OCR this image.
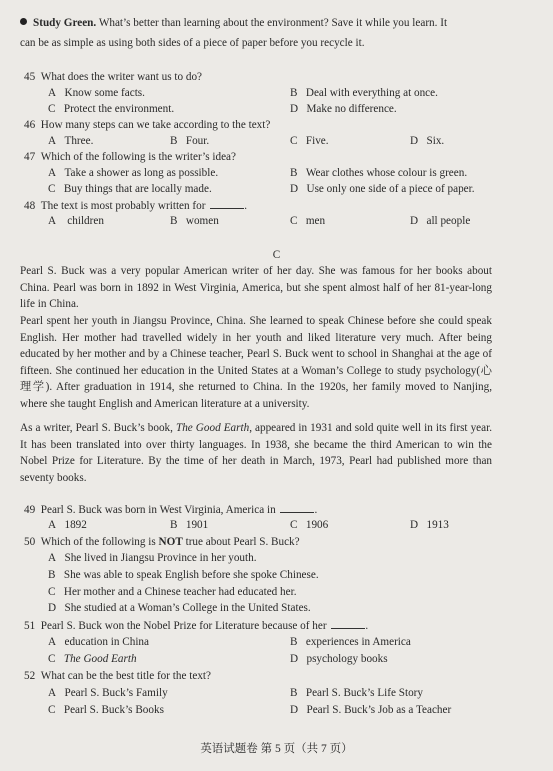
Study Green. What’s better than learning about the environment? Save it while you learn. It
can be as simple as using both sides of a piece of paper before you recycle it.
45 What does the writer want us to do?
A Know some facts.	B Deal with everything at once.
C Protect the environment.	D Make no difference.
46 How many steps can we take according to the text?
A Three.	B Four.	C Five.	D Six.
47 Which of the following is the writer’s idea?
A Take a shower as long as possible.	B Wear clothes whose colour is green.
C Buy things that are locally made.	D Use only one side of a piece of paper.
48 The text is most probably written for	.
A children	B women	C men	D all people
C
Pearl S. Buck was a very popular American writer of her day. She was famous for her books about China. Pearl was born in 1892 in West Virginia, America, but she spent almost half of her 81-year-long life in China.
Pearl spent her youth in Jiangsu Province, China. She learned to speak Chinese before she could speak English. Her mother had travelled widely in her youth and liked literature very much. After being educated by her mother and by a Chinese teacher, Pearl S. Buck went to school in Shanghai at the age of fifteen. She continued her education in the United States at a Woman’s College to study psychology(心理学). After graduation in 1914, she returned to China. In the 1920s, her family moved to Nanjing, where she taught English and American literature at a university.
As a writer, Pearl S. Buck’s book, The Good Earth, appeared in 1931 and sold quite well in its first year. It has been translated into over thirty languages. In 1938, she became the third American to win the Nobel Prize for Literature. By the time of her death in March, 1973, Pearl had published more than seventy books.
49 Pearl S. Buck was born in West Virginia, America in	.
A 1892	B 1901	C 1906	D 1913
50 Which of the following is NOT true about Pearl S. Buck?
A She lived in Jiangsu Province in her youth.
B She was able to speak English before she spoke Chinese.
C Her mother and a Chinese teacher had educated her.
D She studied at a Woman’s College in the United States.
51 Pearl S. Buck won the Nobel Prize for Literature because of her	.
A education in China	B experiences in America
C The Good Earth	D psychology books
52 What can be the best title for the text?
A Pearl S. Buck’s Family	B Pearl S. Buck’s Life Story
C Pearl S. Buck’s Books	D Pearl S. Buck’s Job as a Teacher
英语试题卷 第 5 页（共 7 页）
